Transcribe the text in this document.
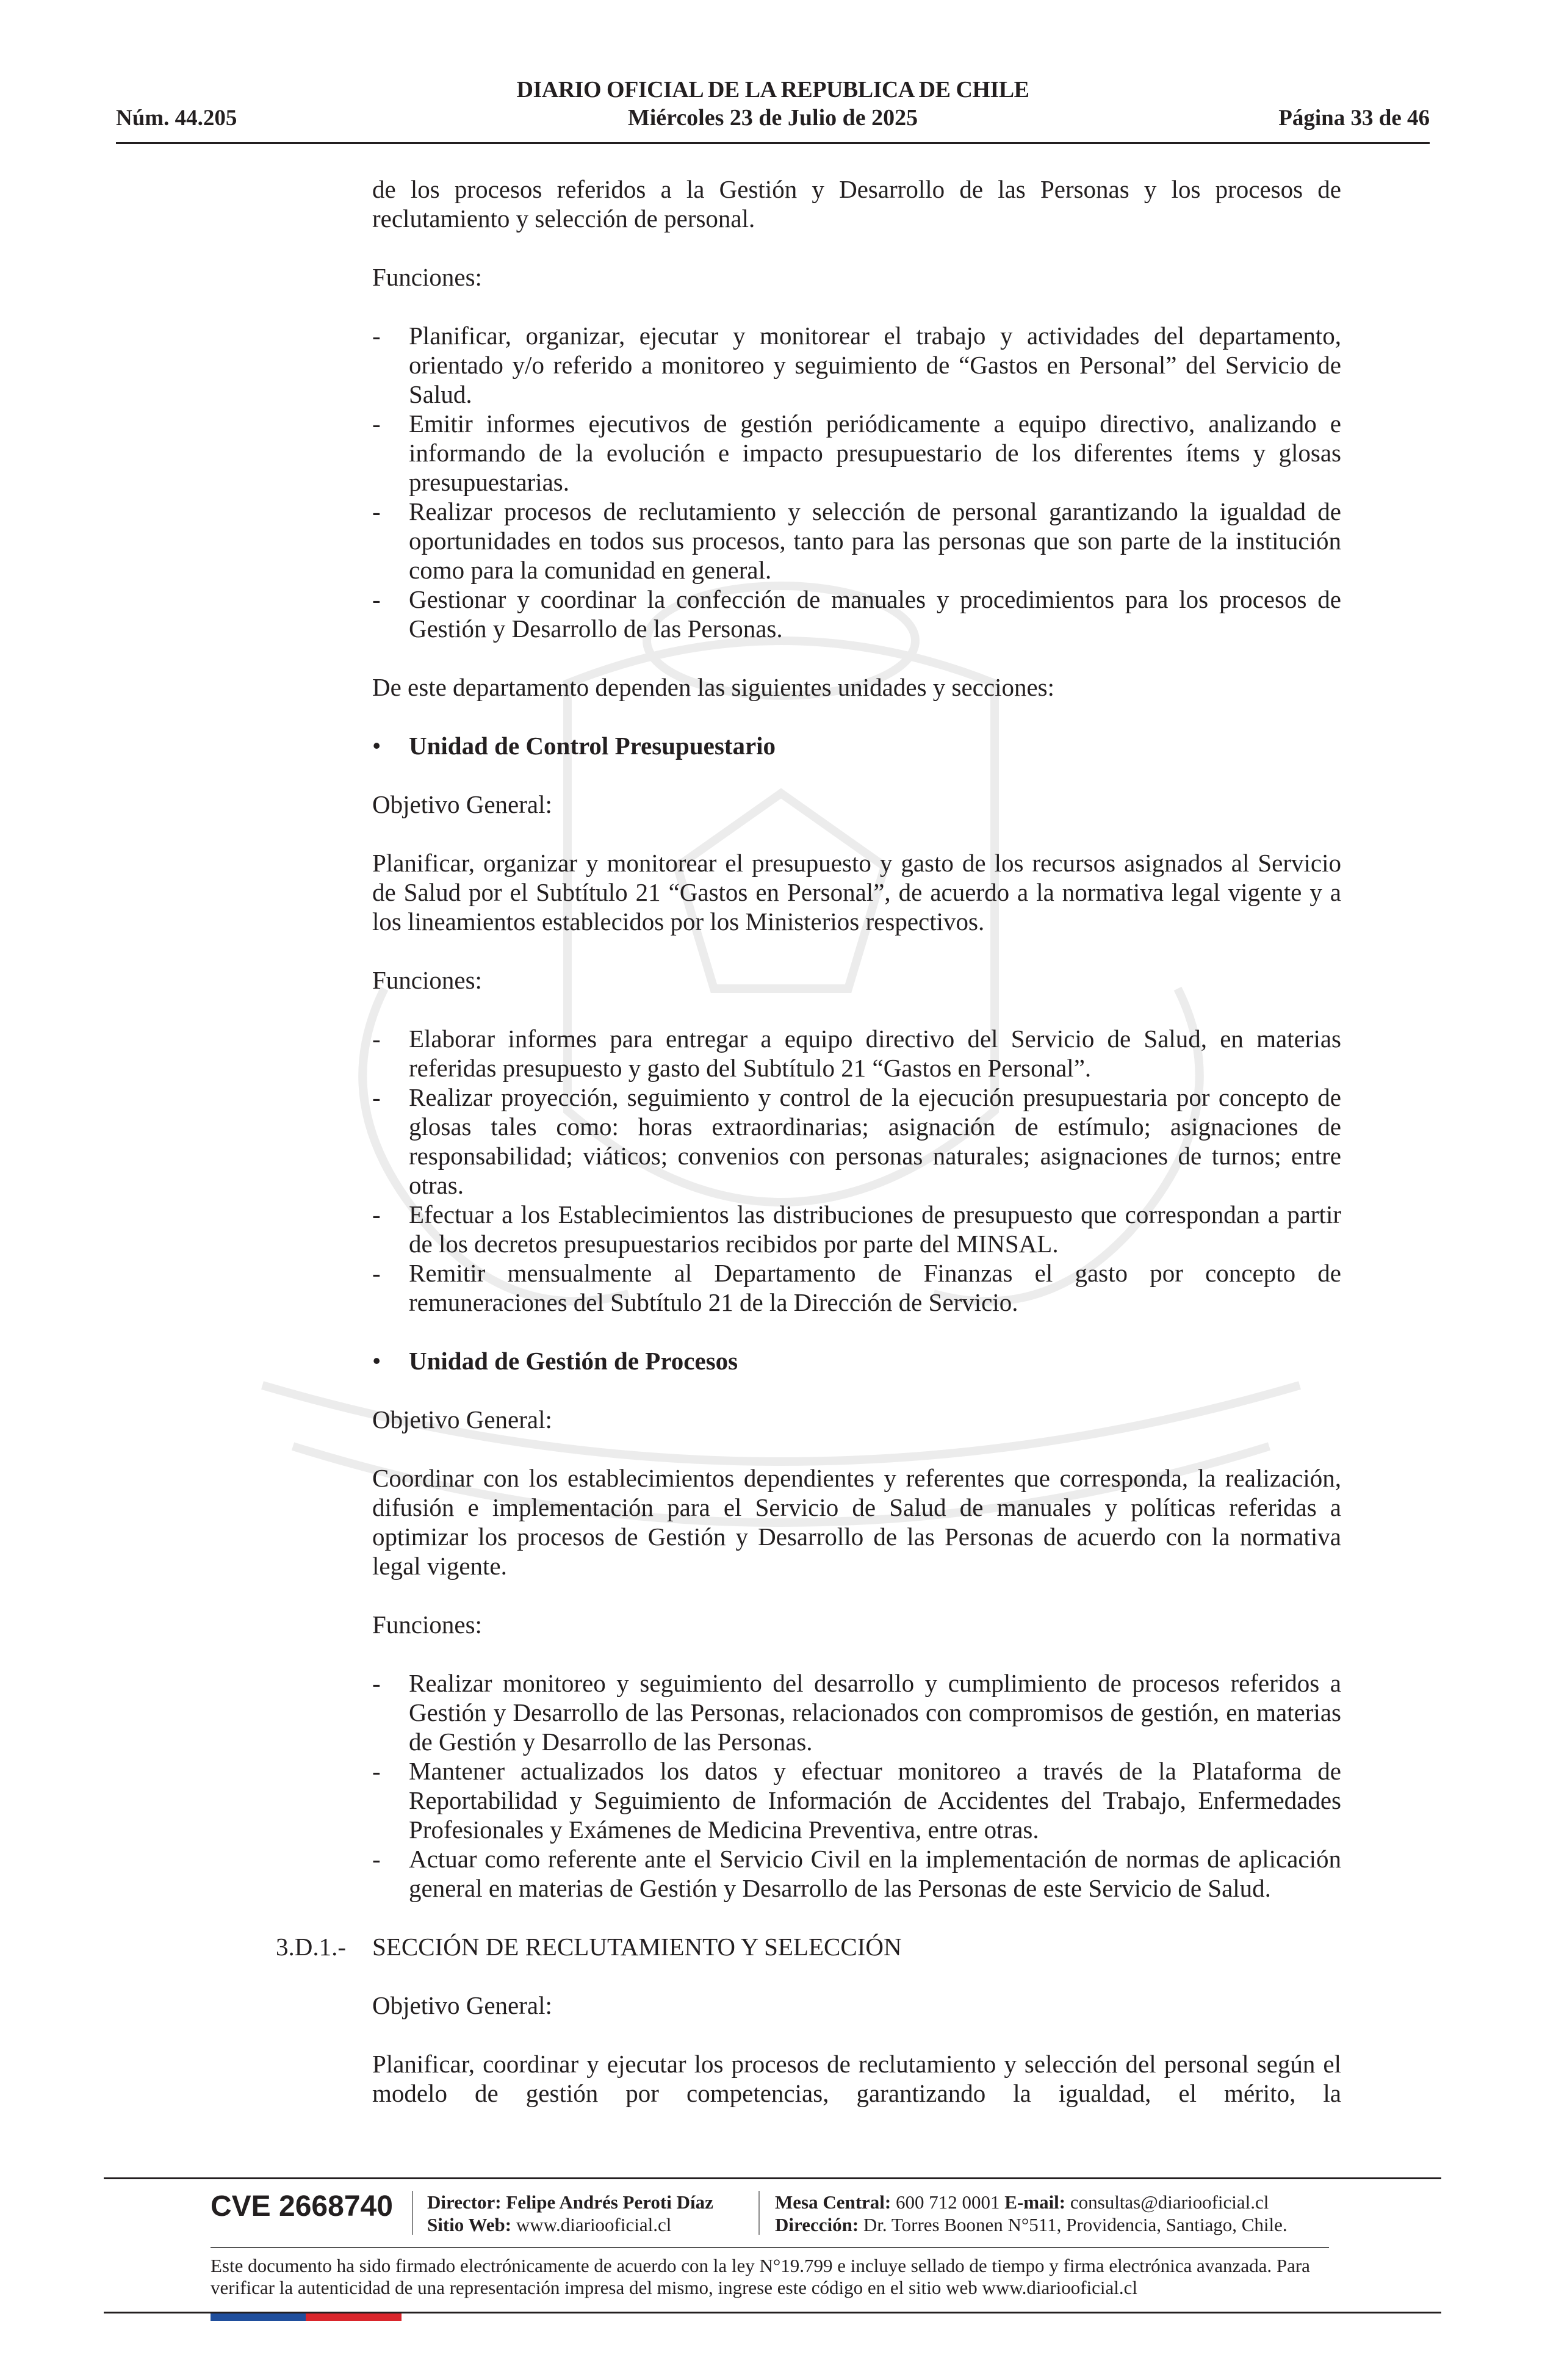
Núm. 44.205
DIARIO OFICIAL DE LA REPUBLICA DE CHILE
Miércoles 23 de Julio de 2025	Página 33 de 46

de los procesos referidos a la Gestión y Desarrollo de las Personas y los procesos de reclutamiento y selección de personal.

Funciones:

- Planificar, organizar, ejecutar y monitorear el trabajo y actividades del departamento, orientado y/o referido a monitoreo y seguimiento de “Gastos en Personal” del Servicio de Salud.
- Emitir informes ejecutivos de gestión periódicamente a equipo directivo, analizando e informando de la evolución e impacto presupuestario de los diferentes ítems y glosas presupuestarias.
- Realizar procesos de reclutamiento y selección de personal garantizando la igualdad de oportunidades en todos sus procesos, tanto para las personas que son parte de la institución como para la comunidad en general.
- Gestionar y coordinar la confección de manuales y procedimientos para los procesos de Gestión y Desarrollo de las Personas.

De este departamento dependen las siguientes unidades y secciones:

• Unidad de Control Presupuestario

Objetivo General:

Planificar, organizar y monitorear el presupuesto y gasto de los recursos asignados al Servicio de Salud por el Subtítulo 21 “Gastos en Personal”, de acuerdo a la normativa legal vigente y a los lineamientos establecidos por los Ministerios respectivos.

Funciones:

- Elaborar informes para entregar a equipo directivo del Servicio de Salud, en materias referidas presupuesto y gasto del Subtítulo 21 “Gastos en Personal”.
- Realizar proyección, seguimiento y control de la ejecución presupuestaria por concepto de glosas tales como: horas extraordinarias; asignación de estímulo; asignaciones de responsabilidad; viáticos; convenios con personas naturales; asignaciones de turnos; entre otras.
- Efectuar a los Establecimientos las distribuciones de presupuesto que correspondan a partir de los decretos presupuestarios recibidos por parte del MINSAL.
- Remitir mensualmente al Departamento de Finanzas el gasto por concepto de remuneraciones del Subtítulo 21 de la Dirección de Servicio.
• Unidad de Gestión de Procesos

Objetivo General:

Coordinar con los establecimientos dependientes y referentes que corresponda, la realización, difusión e implementación para el Servicio de Salud de manuales y políticas referidas a optimizar los procesos de Gestión y Desarrollo de las Personas de acuerdo con la normativa legal vigente.

Funciones:

- Realizar monitoreo y seguimiento del desarrollo y cumplimiento de procesos referidos a Gestión y Desarrollo de las Personas, relacionados con compromisos de gestión, en materias de Gestión y Desarrollo de las Personas.
- Mantener actualizados los datos y efectuar monitoreo a través de la Plataforma de Reportabilidad y Seguimiento de Información de Accidentes del Trabajo, Enfermedades Profesionales y Exámenes de Medicina Preventiva, entre otras.
- Actuar como referente ante el Servicio Civil en la implementación de normas de aplicación general en materias de Gestión y Desarrollo de las Personas de este Servicio de Salud.
3.D.1.- SECCIÓN DE RECLUTAMIENTO Y SELECCIÓN

Objetivo General:

Planificar, coordinar y ejecutar los procesos de reclutamiento y selección del personal según el modelo de gestión por competencias, garantizando la igualdad, el mérito, la

CVE 2668740 Director: Felipe Andrés Peroti Díaz
Sitio Web: www.diariooficial.cl
Mesa Central: 600 712 0001 E-mail: consultas@diariooficial.cl
Dirección: Dr. Torres Boonen N°511, Providencia, Santiago, Chile.
Este documento ha sido firmado electrónicamente de acuerdo con la ley N°19.799 e incluye sellado de tiempo y firma electrónica avanzada. Para verificar la autenticidad de una representación impresa del mismo, ingrese este código en el sitio web www.diariooficial.cl
